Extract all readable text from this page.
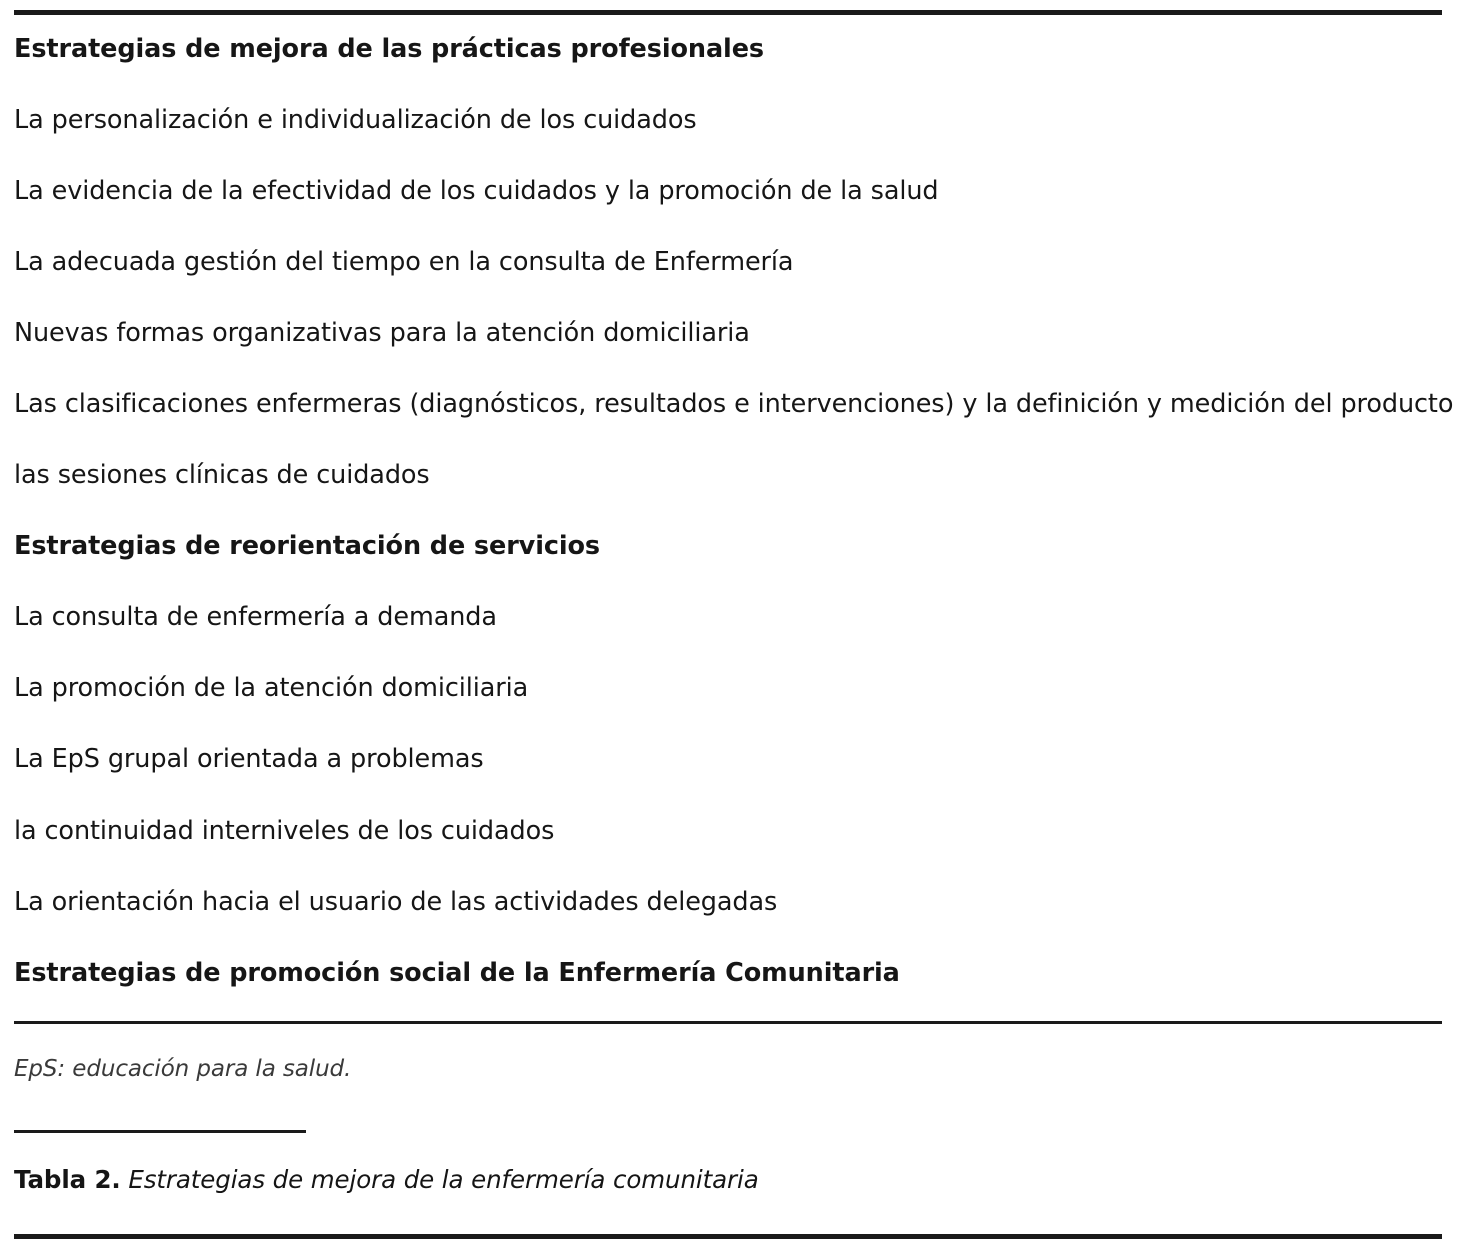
Estrategias de mejora de las prácticas profesionales
La personalización e individualización de los cuidados
La evidencia de la efectividad de los cuidados y la promoción de la salud
La adecuada gestión del tiempo en la consulta de Enfermería
Nuevas formas organizativas para la atención domiciliaria
Las clasificaciones enfermeras (diagnósticos, resultados e intervenciones) y la definición y medición del producto
las sesiones clínicas de cuidados
Estrategias de reorientación de servicios
La consulta de enfermería a demanda
La promoción de la atención domiciliaria
La EpS grupal orientada a problemas
la continuidad interniveles de los cuidados
La orientación hacia el usuario de las actividades delegadas
Estrategias de promoción social de la Enfermería Comunitaria
EpS: educación para la salud.
Tabla 2. Estrategias de mejora de la enfermería comunitaria
